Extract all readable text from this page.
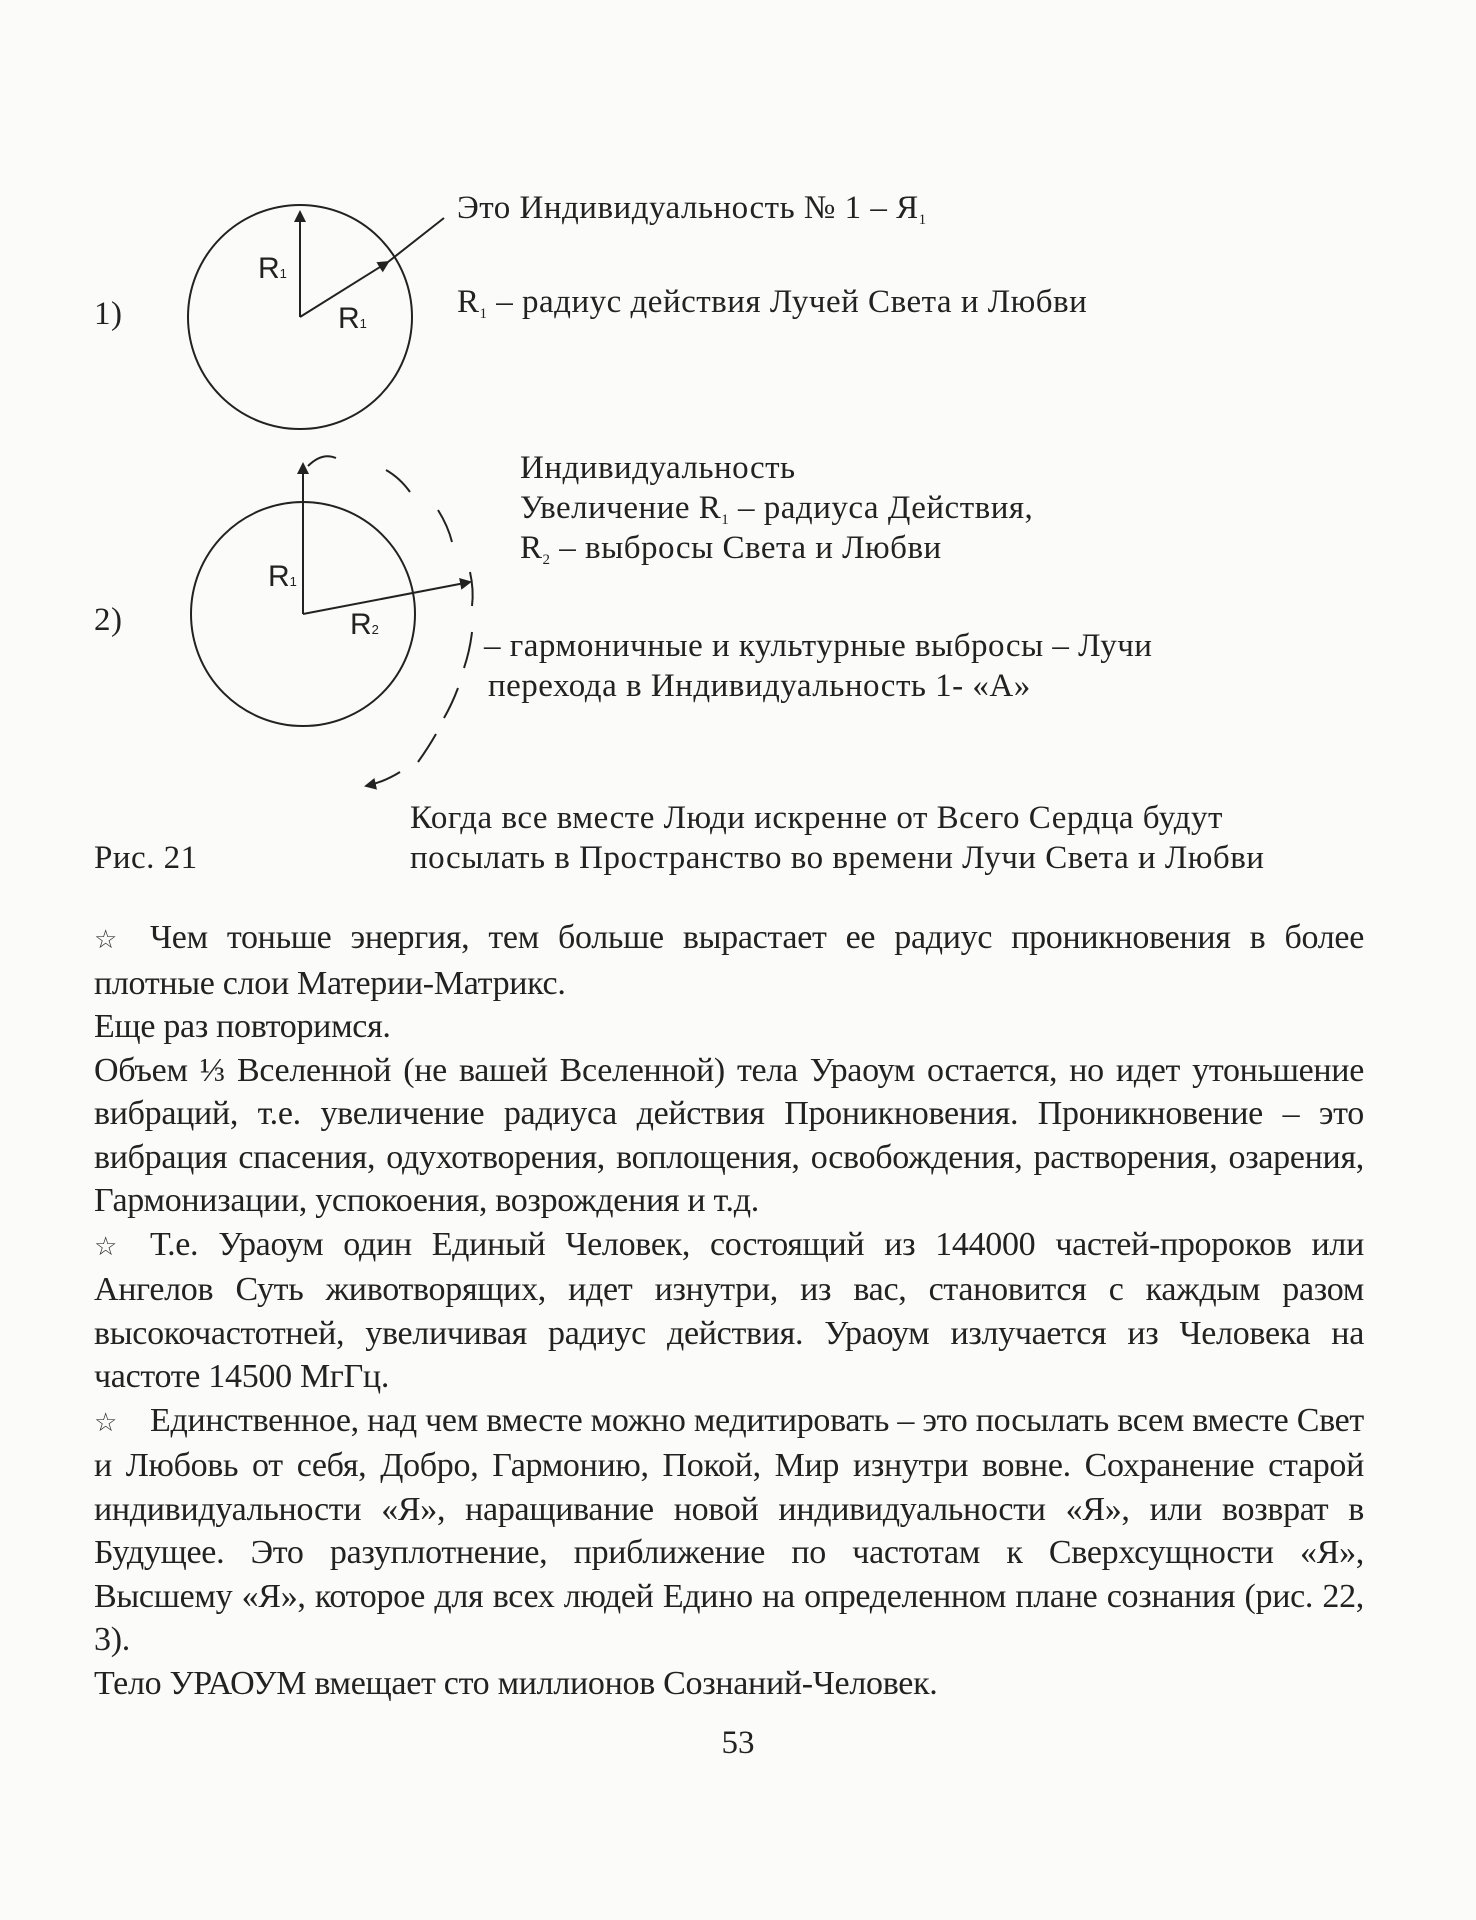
1)
2)
R1
R1
Это Индивидуальность № $1 - Я_1$
$R_1$ – радиус действия Лучей Света и Любви
R1
R2
Индивидуальность
Увеличение $R_1$ – радиуса Действия,
$R_2$ – выбросы Света и Любви
– гармоничные и культурные выбросы – Лучи
перехода в Индивидуальность 1- «А»
Рис. 21
Когда все вместе Люди искренне от Всего Сердца будут
посылать в Пространство во времени Лучи Света и Любви

☆ Чем тоньше энергия, тем больше вырастает ее радиус проникновения в более плотные слои Материи-Матрикс.

Еще раз повторимся.

Объем ⅓ Вселенной (не вашей Вселенной) тела Ураоум остается, но идет утоньшение вибраций, т.е. увеличение радиуса действия Проникновения. Проникновение – это вибрация спасения, одухотворения, воплощения, освобождения, растворения, озарения, Гармонизации, успокоения, возрождения и т.д.

☆ Т.е. Ураоум один Единый Человек, состоящий из 144000 частей-пророков или Ангелов Суть животворящих, идет изнутри, из вас, становится с каждым разом высокочастотней, увеличивая радиус действия. Ураоум излучается из Человека на частоте 14500 МгГц.

☆ Единственное, над чем вместе можно медитировать – это посылать всем вместе Свет и Любовь от себя, Добро, Гармонию, Покой, Мир изнутри вовне. Сохранение старой индивидуальности «Я», наращивание новой индивидуальности «Я», или возврат в Будущее. Это разуплотнение, приближение по частотам к Сверхсущности «Я», Высшему «Я», которое для всех людей Едино на определенном плане сознания (рис. 22, 3).

Тело УРАОУМ вмещает сто миллионов Сознаний-Человек.

53
